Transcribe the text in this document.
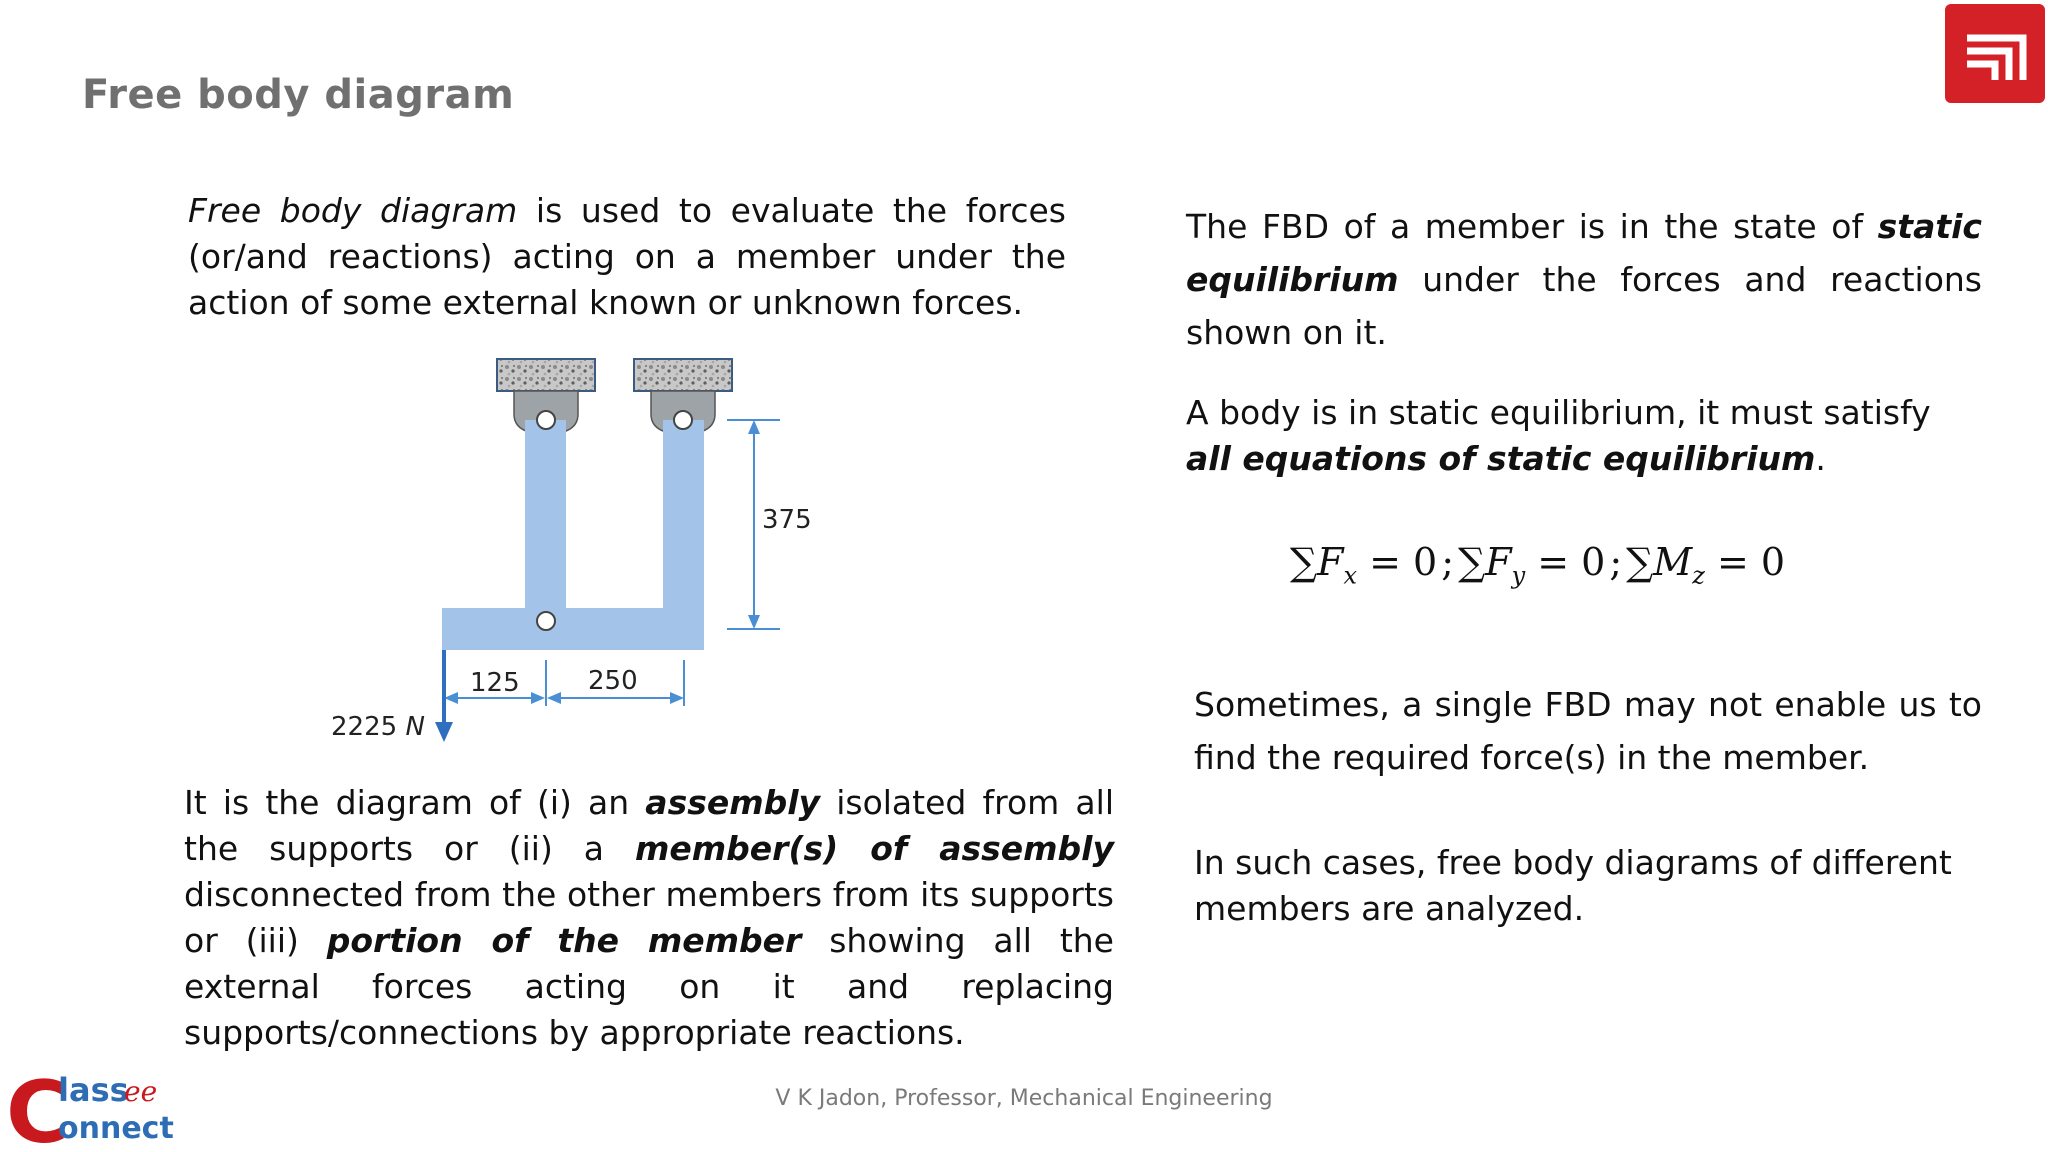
Free body diagram

Free body diagram is used to evaluate the forces (or/and reactions) acting on a member under the action of some external known or unknown forces.

375
125	250
2225 N

It is the diagram of (i) an assembly isolated from all the supports or (ii) a member(s) of assembly disconnected from the other members from its supports or (iii) portion of the member showing all the external forces acting on it and replacing supports/connections by appropriate reactions.

The FBD of a member is in the state of static equilibrium under the forces and reactions shown on it.

A body is in static equilibrium, it must satisfy all equations of static equilibrium.

$\sum F_x = 0$ ; $\sum F_y = 0$ ; $\sum M_z = 0$

Sometimes, a single FBD may not enable us to find the required force(s) in the member.

In such cases, free body diagrams of different members are analyzed.

V K Jadon, Professor, Mechanical Engineering
C
lass
ee
onnect
